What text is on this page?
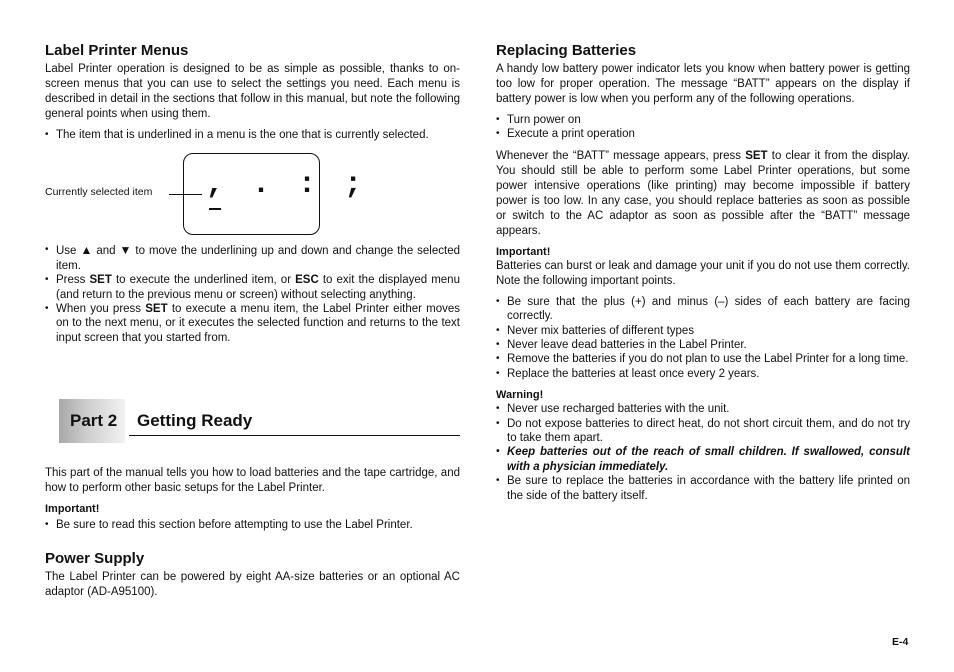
Label Printer Menus

Label Printer operation is designed to be as simple as possible, thanks to on-screen menus that you can use to select the settings you need. Each menu is described in detail in the sections that follow in this manual, but note the following general points when using them.

• The item that is underlined in a menu is the one that is currently selected.
Currently selected item , . : ;
• Use ▲ and ▼ to move the underlining up and down and change the selected item.
• Press SET to execute the underlined item, or ESC to exit the displayed menu (and return to the previous menu or screen) without selecting anything.
• When you press SET to execute a menu item, the Label Printer either moves on to the next menu, or it executes the selected function and returns to the text input screen that you started from.
Part 2 Getting Ready

This part of the manual tells you how to load batteries and the tape cartridge, and how to perform other basic setups for the Label Printer.

Important!
• Be sure to read this section before attempting to use the Label Printer.
Power Supply

The Label Printer can be powered by eight AA-size batteries or an optional AC adaptor (AD-A95100).

Replacing Batteries

A handy low battery power indicator lets you know when battery power is getting too low for proper operation. The message “BATT” appears on the display if battery power is low when you perform any of the following operations.

• Turn power on
• Execute a print operation

Whenever the “BATT” message appears, press SET to clear it from the display. You should still be able to perform some Label Printer operations, but some power intensive operations (like printing) may become impossible if battery power is too low. In any case, you should replace batteries as soon as possible or switch to the AC adaptor as soon as possible after the “BATT” message appears.

Important!

Batteries can burst or leak and damage your unit if you do not use them correctly. Note the following important points.

• Be sure that the plus (+) and minus (–) sides of each battery are facing correctly.
• Never mix batteries of different types
• Never leave dead batteries in the Label Printer.
• Remove the batteries if you do not plan to use the Label Printer for a long time.
• Replace the batteries at least once every 2 years.
Warning!
• Never use recharged batteries with the unit.
• Do not expose batteries to direct heat, do not short circuit them, and do not try to take them apart.
• Keep batteries out of the reach of small children. If swallowed, consult with a physician immediately.
• Be sure to replace the batteries in accordance with the battery life printed on the side of the battery itself.
E-4
